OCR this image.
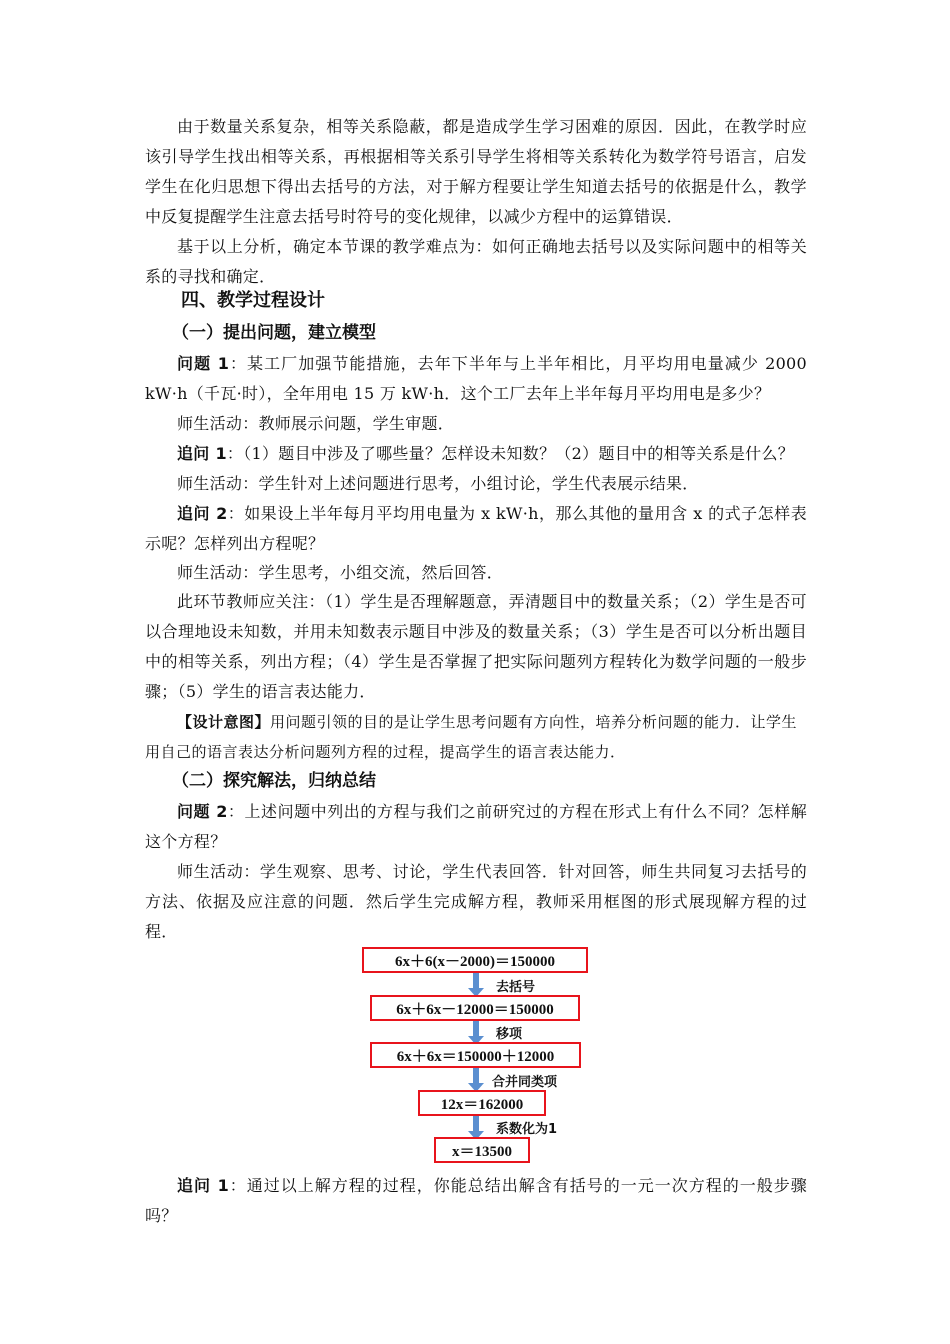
由于数量关系复杂，相等关系隐蔽，都是造成学生学习困难的原因．因此，在教学时应该引导学生找出相等关系，再根据相等关系引导学生将相等关系转化为数学符号语言，启发学生在化归思想下得出去括号的方法，对于解方程要让学生知道去括号的依据是什么，教学中反复提醒学生注意去括号时符号的变化规律，以减少方程中的运算错误．

基于以上分析，确定本节课的教学难点为：如何正确地去括号以及实际问题中的相等关系的寻找和确定．

四、教学过程设计

（一）提出问题，建立模型

问题 1：某工厂加强节能措施，去年下半年与上半年相比，月平均用电量减少 2000 kW·h（千瓦·时），全年用电 15 万 kW·h．这个工厂去年上半年每月平均用电是多少？

师生活动：教师展示问题，学生审题．

追问 1：（1）题目中涉及了哪些量？怎样设未知数？（2）题目中的相等关系是什么？

师生活动：学生针对上述问题进行思考，小组讨论，学生代表展示结果．

追问 2：如果设上半年每月平均用电量为 x kW·h，那么其他的量用含 x 的式子怎样表示呢？怎样列出方程呢？

师生活动：学生思考，小组交流，然后回答．

此环节教师应关注：（1）学生是否理解题意，弄清题目中的数量关系；（2）学生是否可以合理地设未知数，并用未知数表示题目中涉及的数量关系；（3）学生是否可以分析出题目中的相等关系，列出方程；（4）学生是否掌握了把实际问题列方程转化为数学问题的一般步骤；（5）学生的语言表达能力．

【设计意图】用问题引领的目的是让学生思考问题有方向性，培养分析问题的能力．让学生用自己的语言表达分析问题列方程的过程，提高学生的语言表达能力．

（二）探究解法，归纳总结

问题 2：上述问题中列出的方程与我们之前研究过的方程在形式上有什么不同？怎样解这个方程？

师生活动：学生观察、思考、讨论，学生代表回答．针对回答，师生共同复习去括号的方法、依据及应注意的问题．然后学生完成解方程，教师采用框图的形式展现解方程的过程．

6x＋6(x－2000)＝150000
去括号
6x＋6x－12000＝150000
移项
6x＋6x＝150000＋12000
合并同类项
12x＝162000
系数化为1
x＝13500

追问 1：通过以上解方程的过程，你能总结出解含有括号的一元一次方程的一般步骤吗？
